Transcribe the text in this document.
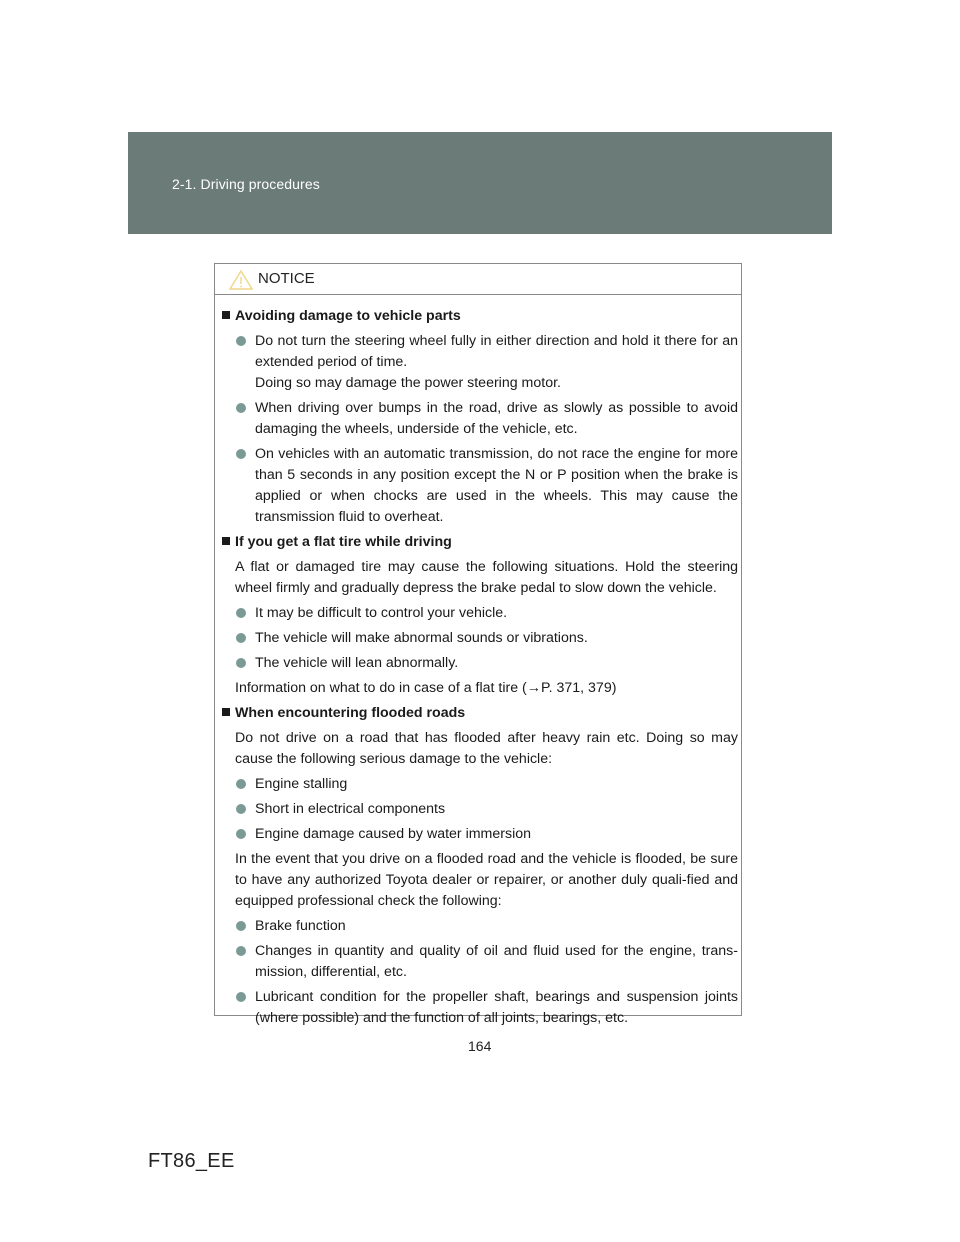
2-1. Driving procedures
NOTICE
Avoiding damage to vehicle parts
Do not turn the steering wheel fully in either direction and hold it there for an extended period of time.
Doing so may damage the power steering motor.
When driving over bumps in the road, drive as slowly as possible to avoid damaging the wheels, underside of the vehicle, etc.
On vehicles with an automatic transmission, do not race the engine for more than 5 seconds in any position except the N or P position when the brake is applied or when chocks are used in the wheels. This may cause the transmission fluid to overheat.
If you get a flat tire while driving
A flat or damaged tire may cause the following situations. Hold the steering wheel firmly and gradually depress the brake pedal to slow down the vehicle.
It may be difficult to control your vehicle.
The vehicle will make abnormal sounds or vibrations.
The vehicle will lean abnormally.
Information on what to do in case of a flat tire (→P. 371, 379)
When encountering flooded roads
Do not drive on a road that has flooded after heavy rain etc. Doing so may cause the following serious damage to the vehicle:
Engine stalling
Short in electrical components
Engine damage caused by water immersion
In the event that you drive on a flooded road and the vehicle is flooded, be sure to have any authorized Toyota dealer or repairer, or another duly quali-fied and equipped professional check the following:
Brake function
Changes in quantity and quality of oil and fluid used for the engine, trans-mission, differential, etc.
Lubricant condition for the propeller shaft, bearings and suspension joints (where possible) and the function of all joints, bearings, etc.
164
FT86_EE
